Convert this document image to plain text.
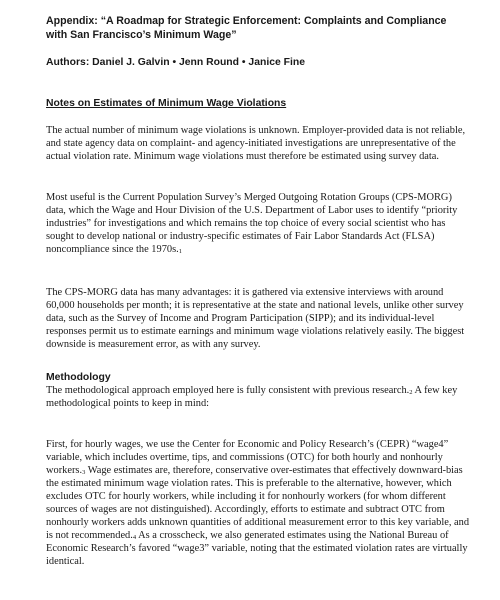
Appendix: “A Roadmap for Strategic Enforcement: Complaints and Compliance with San Francisco’s Minimum Wage”
Authors: Daniel J. Galvin • Jenn Round • Janice Fine
Notes on Estimates of Minimum Wage Violations

The actual number of minimum wage violations is unknown. Employer-provided data is not reliable, and state agency data on complaint- and agency-initiated investigations are unrepresentative of the actual violation rate. Minimum wage violations must therefore be estimated using survey data.

Most useful is the Current Population Survey’s Merged Outgoing Rotation Groups (CPS-MORG) data, which the Wage and Hour Division of the U.S. Department of Labor uses to identify “priority industries” for investigations and which remains the top choice of every social scientist who has sought to develop national or industry-specific estimates of Fair Labor Standards Act (FLSA) noncompliance since the $1970s._1$

The CPS-MORG data has many advantages: it is gathered via extensive interviews with around 60,000 households per month; it is representative at the state and national levels, unlike other survey data, such as the Survey of Income and Program Participation (SIPP); and its individual-level responses permit us to estimate earnings and minimum wage violations relatively easily. The biggest downside is measurement error, as with any survey.

Methodology

The methodological approach employed here is fully consistent with previous $research._2$ A few key methodological points to keep in mind:

First, for hourly wages, we use the Center for Economic and Policy Research’s (CEPR) “wage4” variable, which includes overtime, tips, and commissions (OTC) for both hourly and nonhourly $workers._3$ Wage estimates are, therefore, conservative over-estimates that effectively downward-bias the estimated minimum wage violation rates. This is preferable to the alternative, however, which excludes OTC for hourly workers, while including it for nonhourly workers (for whom different sources of wages are not distinguished). Accordingly, efforts to estimate and subtract OTC from nonhourly workers adds unknown quantities of additional measurement error to this key variable, and is not $recommended._4$ As a crosscheck, we also generated estimates using the National Bureau of Economic Research’s favored “wage3” variable, noting that the estimated violation rates are virtually identical.
